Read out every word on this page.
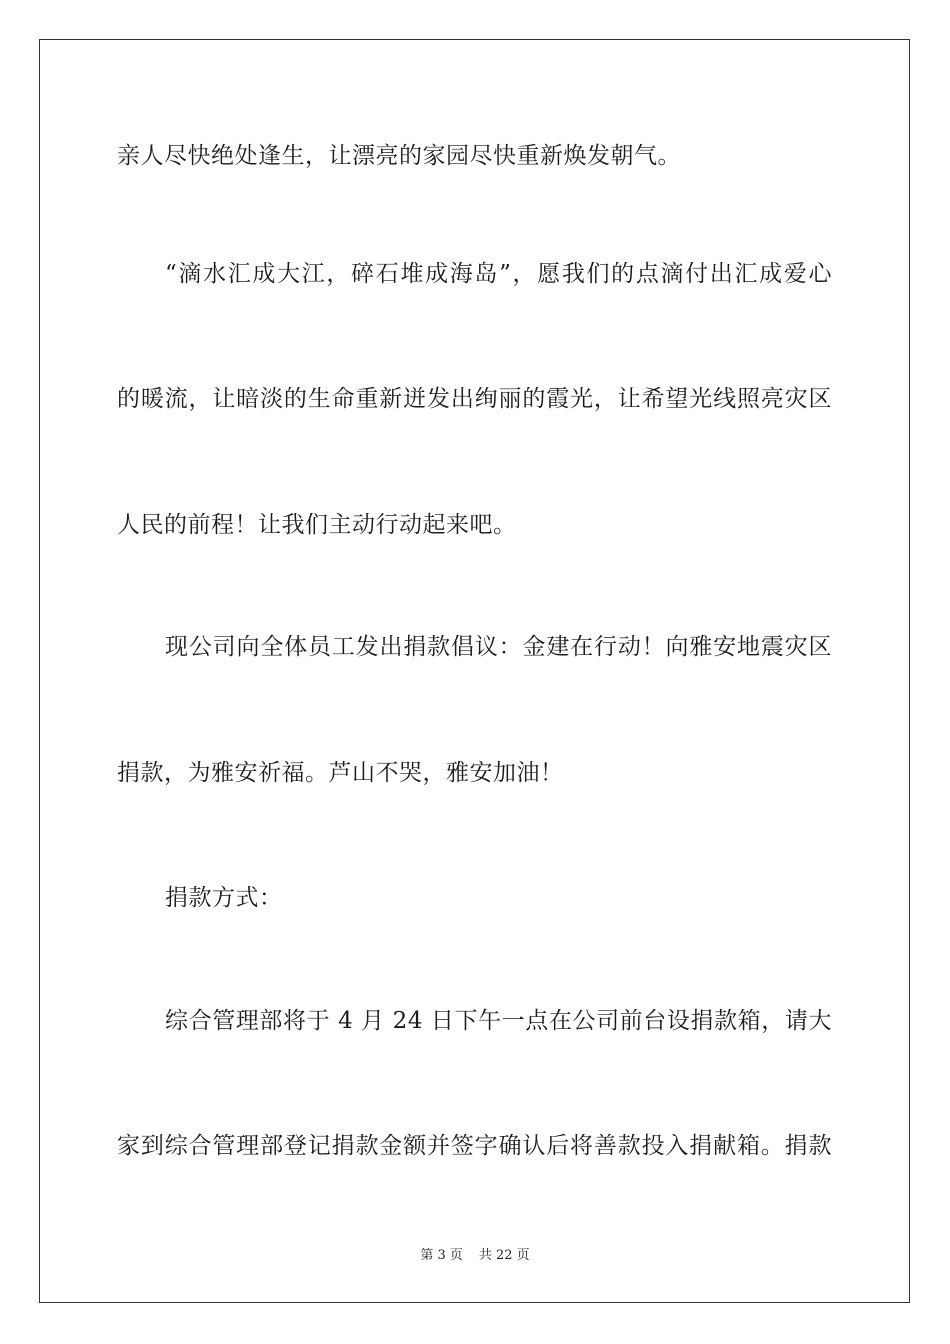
亲人尽快绝处逢生，让漂亮的家园尽快重新焕发朝气。
“滴水汇成大江，碎石堆成海岛”，愿我们的点滴付出汇成爱心
的暖流，让暗淡的生命重新迸发出绚丽的霞光，让希望光线照亮灾区
人民的前程！让我们主动行动起来吧。
现公司向全体员工发出捐款倡议：金建在行动！向雅安地震灾区
捐款，为雅安祈福。芦山不哭，雅安加油！
捐款方式：
综合管理部将于 4 月 24 日下午一点在公司前台设捐款箱，请大
家到综合管理部登记捐款金额并签字确认后将善款投入捐献箱。捐款
第 3 页 共 22 页
